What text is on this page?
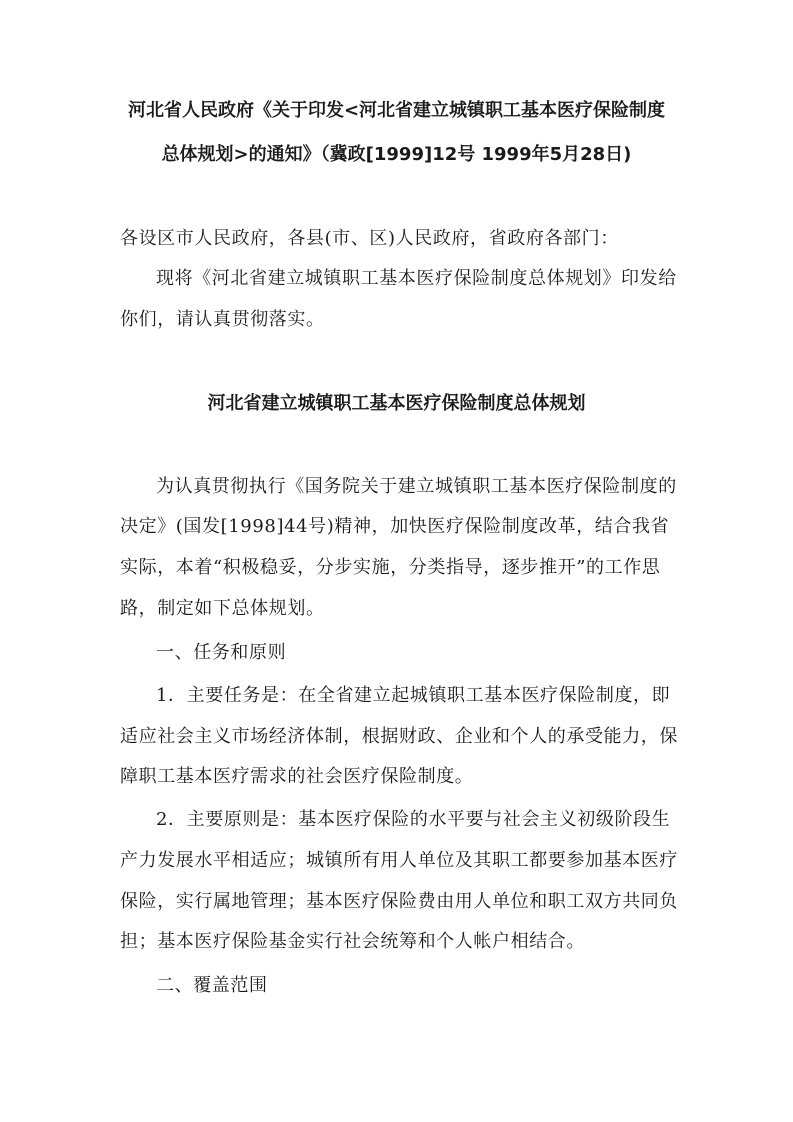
河北省人民政府《关于印发<河北省建立城镇职工基本医疗保险制度
总体规划>的通知》（冀政[1999]12号 1999年5月28日)
各设区市人民政府，各县(市、区)人民政府，省政府各部门：
现将《河北省建立城镇职工基本医疗保险制度总体规划》印发给
你们，请认真贯彻落实。
河北省建立城镇职工基本医疗保险制度总体规划
为认真贯彻执行《国务院关于建立城镇职工基本医疗保险制度的
决定》(国发[1998]44号)精神，加快医疗保险制度改革，结合我省
实际，本着“积极稳妥，分步实施，分类指导，逐步推开”的工作思
路，制定如下总体规划。
一、任务和原则
1．主要任务是：在全省建立起城镇职工基本医疗保险制度，即
适应社会主义市场经济体制，根据财政、企业和个人的承受能力，保
障职工基本医疗需求的社会医疗保险制度。
2．主要原则是：基本医疗保险的水平要与社会主义初级阶段生
产力发展水平相适应；城镇所有用人单位及其职工都要参加基本医疗
保险，实行属地管理；基本医疗保险费由用人单位和职工双方共同负
担；基本医疗保险基金实行社会统筹和个人帐户相结合。
二、覆盖范围
